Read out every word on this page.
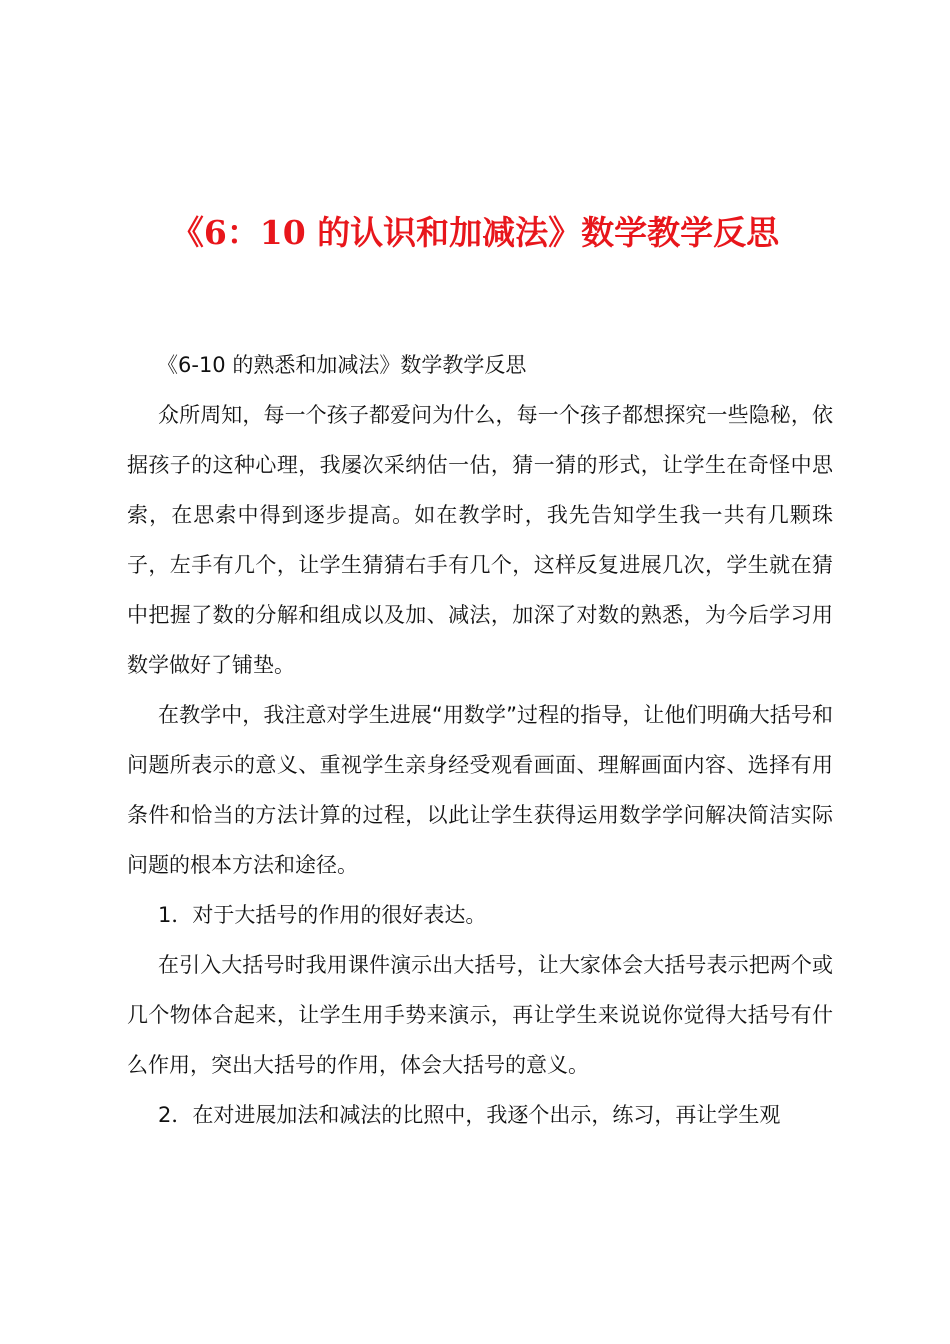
《6：10 的认识和加减法》数学教学反思

《6-10 的熟悉和加减法》数学教学反思

众所周知，每一个孩子都爱问为什么，每一个孩子都想探究一些隐秘，依据孩子的这种心理，我屡次采纳估一估，猜一猜的形式，让学生在奇怪中思索，在思索中得到逐步提高。如在教学时，我先告知学生我一共有几颗珠子，左手有几个，让学生猜猜右手有几个，这样反复进展几次，学生就在猜中把握了数的分解和组成以及加、减法，加深了对数的熟悉，为今后学习用数学做好了铺垫。

在教学中，我注意对学生进展“用数学”过程的指导，让他们明确大括号和问题所表示的意义、重视学生亲身经受观看画面、理解画面内容、选择有用条件和恰当的方法计算的过程，以此让学生获得运用数学学问解决简洁实际问题的根本方法和途径。

1．对于大括号的作用的很好表达。

在引入大括号时我用课件演示出大括号，让大家体会大括号表示把两个或几个物体合起来，让学生用手势来演示，再让学生来说说你觉得大括号有什么作用，突出大括号的作用，体会大括号的意义。

2．在对进展加法和减法的比照中，我逐个出示，练习，再让学生观
